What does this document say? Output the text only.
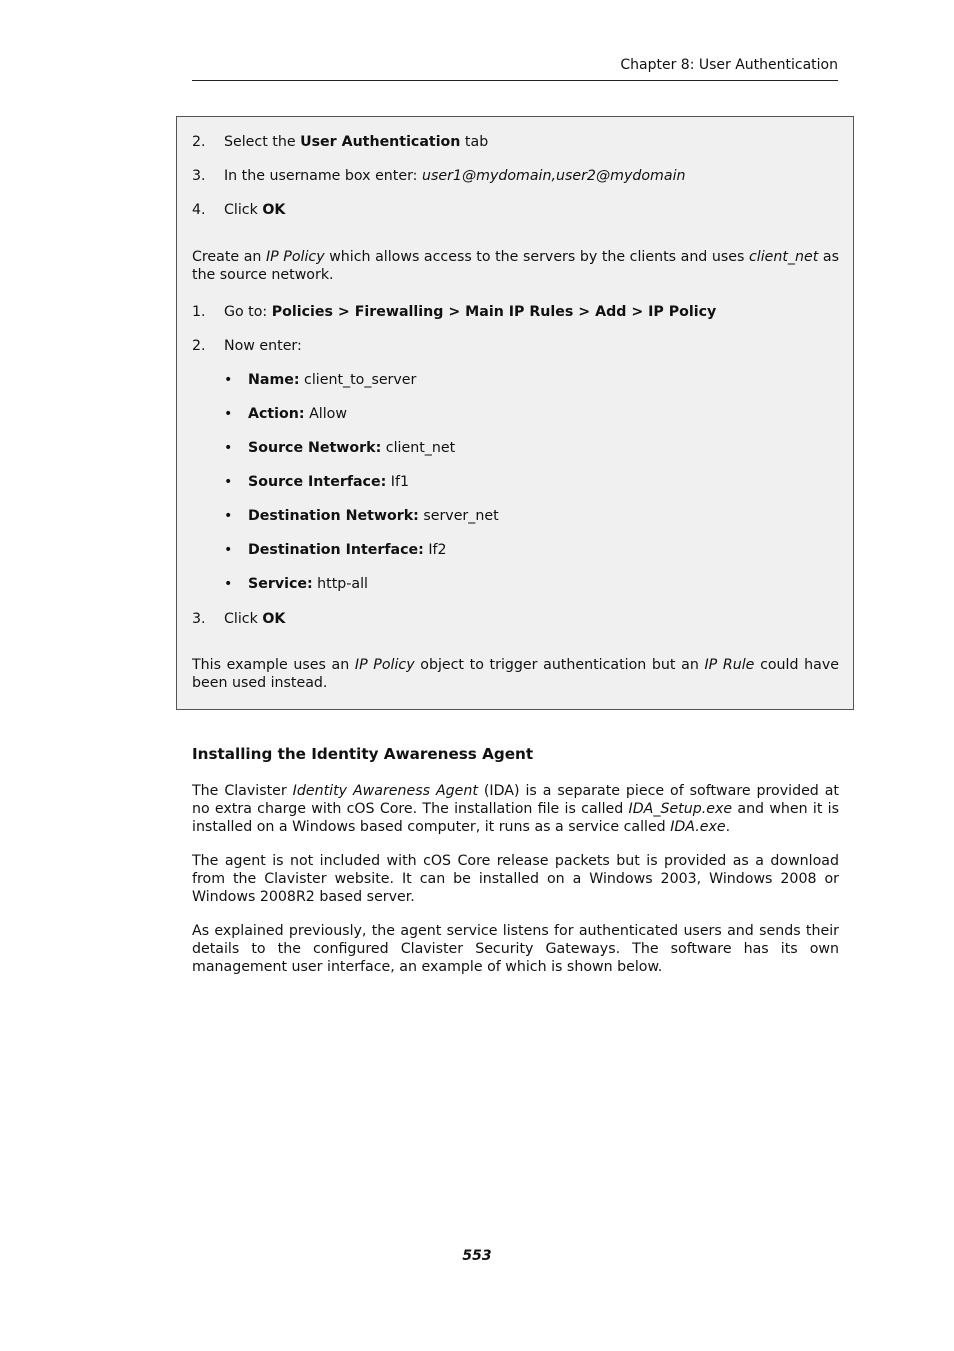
Chapter 8: User Authentication
2. Select the User Authentication tab
3. In the username box enter: user1@mydomain,user2@mydomain
4. Click OK
Create an IP Policy which allows access to the servers by the clients and uses client_net as the source network.
1. Go to: Policies > Firewalling > Main IP Rules > Add > IP Policy
2. Now enter:
• Name: client_to_server
• Action: Allow
• Source Network: client_net
• Source Interface: If1
• Destination Network: server_net
• Destination Interface: If2
• Service: http-all
3. Click OK
This example uses an IP Policy object to trigger authentication but an IP Rule could have been used instead.
Installing the Identity Awareness Agent
The Clavister Identity Awareness Agent (IDA) is a separate piece of software provided at no extra charge with cOS Core. The installation file is called IDA_Setup.exe and when it is installed on a Windows based computer, it runs as a service called IDA.exe.
The agent is not included with cOS Core release packets but is provided as a download from the Clavister website. It can be installed on a Windows 2003, Windows 2008 or Windows 2008R2 based server.
As explained previously, the agent service listens for authenticated users and sends their details to the configured Clavister Security Gateways. The software has its own management user interface, an example of which is shown below.
553
